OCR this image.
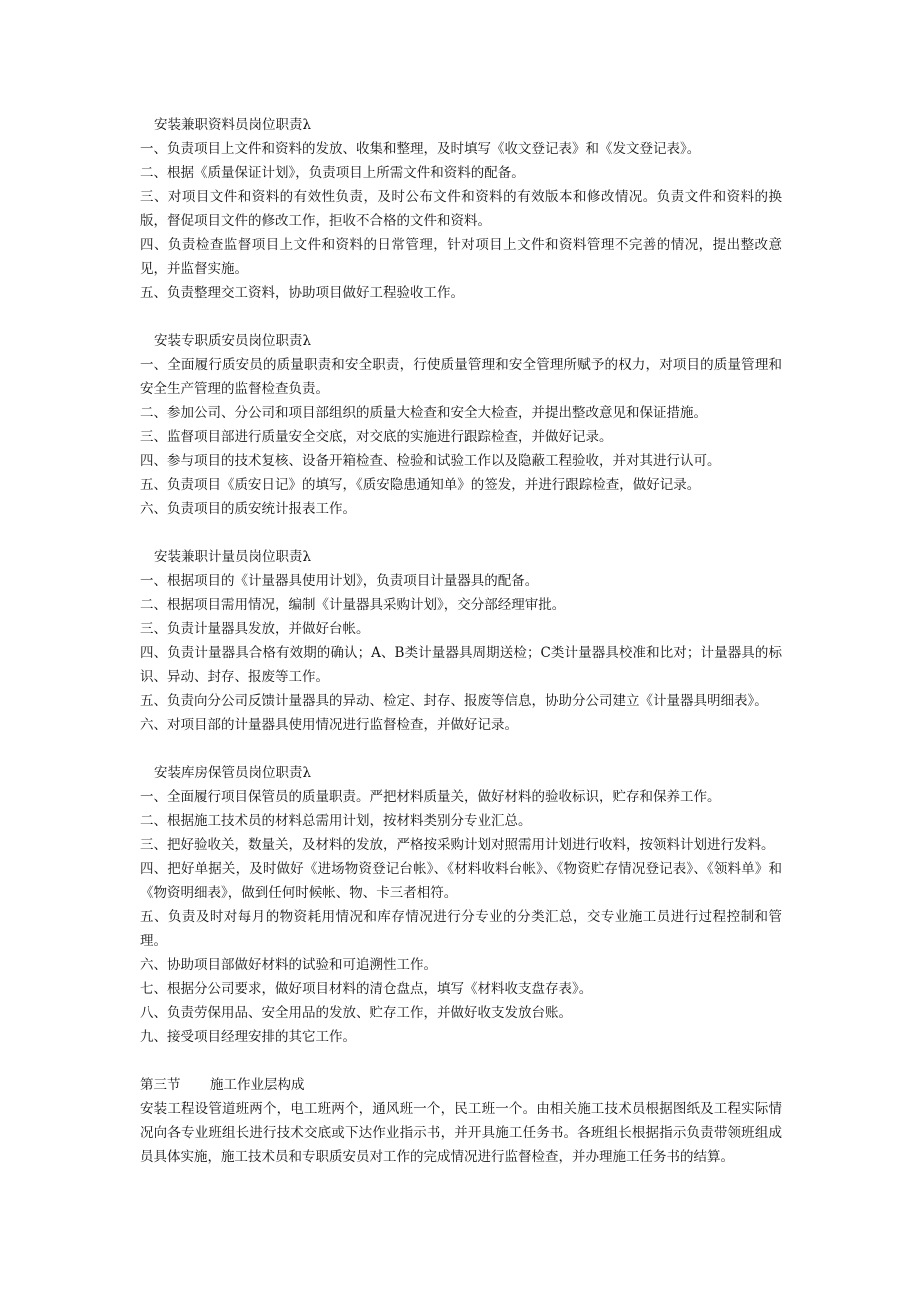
安装兼职资料员岗位职责λ
一、负责项目上文件和资料的发放、收集和整理，及时填写《收文登记表》和《发文登记表》。
二、根据《质量保证计划》，负责项目上所需文件和资料的配备。
三、对项目文件和资料的有效性负责，及时公布文件和资料的有效版本和修改情况。负责文件和资料的换版，督促项目文件的修改工作，拒收不合格的文件和资料。
四、负责检查监督项目上文件和资料的日常管理，针对项目上文件和资料管理不完善的情况，提出整改意见，并监督实施。
五、负责整理交工资料，协助项目做好工程验收工作。
安装专职质安员岗位职责λ
一、全面履行质安员的质量职责和安全职责，行使质量管理和安全管理所赋予的权力，对项目的质量管理和安全生产管理的监督检查负责。
二、参加公司、分公司和项目部组织的质量大检查和安全大检查，并提出整改意见和保证措施。
三、监督项目部进行质量安全交底，对交底的实施进行跟踪检查，并做好记录。
四、参与项目的技术复核、设备开箱检查、检验和试验工作以及隐蔽工程验收，并对其进行认可。
五、负责项目《质安日记》的填写，《质安隐患通知单》的签发，并进行跟踪检查，做好记录。
六、负责项目的质安统计报表工作。
安装兼职计量员岗位职责λ
一、根据项目的《计量器具使用计划》，负责项目计量器具的配备。
二、根据项目需用情况，编制《计量器具采购计划》，交分部经理审批。
三、负责计量器具发放，并做好台帐。
四、负责计量器具合格有效期的确认；A、B类计量器具周期送检；C类计量器具校准和比对；计量器具的标识、异动、封存、报废等工作。
五、负责向分公司反馈计量器具的异动、检定、封存、报废等信息，协助分公司建立《计量器具明细表》。
六、对项目部的计量器具使用情况进行监督检查，并做好记录。
安装库房保管员岗位职责λ
一、全面履行项目保管员的质量职责。严把材料质量关，做好材料的验收标识，贮存和保养工作。
二、根据施工技术员的材料总需用计划，按材料类别分专业汇总。
三、把好验收关，数量关，及材料的发放，严格按采购计划对照需用计划进行收料，按领料计划进行发料。
四、把好单据关，及时做好《进场物资登记台帐》、《材料收料台帐》、《物资贮存情况登记表》、《领料单》和《物资明细表》，做到任何时候帐、物、卡三者相符。
五、负责及时对每月的物资耗用情况和库存情况进行分专业的分类汇总，交专业施工员进行过程控制和管理。
六、协助项目部做好材料的试验和可追溯性工作。
七、根据分公司要求，做好项目材料的清仓盘点，填写《材料收支盘存表》。
八、负责劳保用品、安全用品的发放、贮存工作，并做好收支发放台账。
九、接受项目经理安排的其它工作。
第三节 施工作业层构成
安装工程设管道班两个，电工班两个，通风班一个，民工班一个。由相关施工技术员根据图纸及工程实际情况向各专业班组长进行技术交底或下达作业指示书，并开具施工任务书。各班组长根据指示负责带领班组成员具体实施，施工技术员和专职质安员对工作的完成情况进行监督检查，并办理施工任务书的结算。
